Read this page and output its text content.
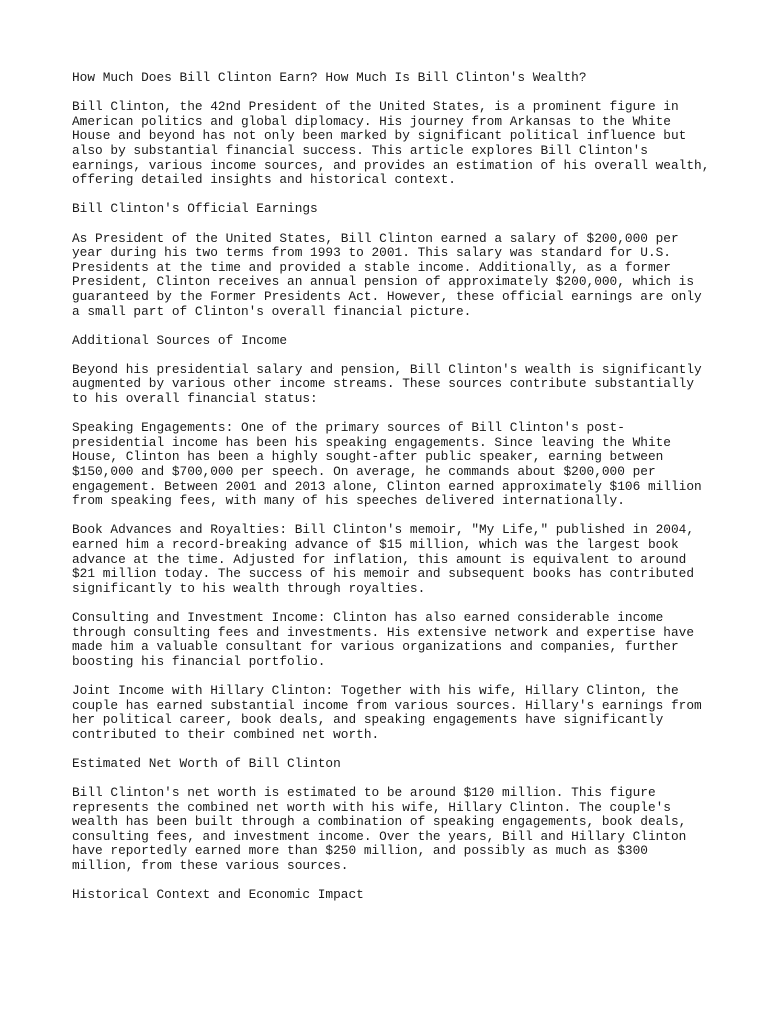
How Much Does Bill Clinton Earn? How Much Is Bill Clinton's Wealth?

Bill Clinton, the 42nd President of the United States, is a prominent figure in
American politics and global diplomacy. His journey from Arkansas to the White
House and beyond has not only been marked by significant political influence but
also by substantial financial success. This article explores Bill Clinton's
earnings, various income sources, and provides an estimation of his overall wealth,
offering detailed insights and historical context.

Bill Clinton's Official Earnings

As President of the United States, Bill Clinton earned a salary of $200,000 per
year during his two terms from 1993 to 2001. This salary was standard for U.S.
Presidents at the time and provided a stable income. Additionally, as a former
President, Clinton receives an annual pension of approximately $200,000, which is
guaranteed by the Former Presidents Act. However, these official earnings are only
a small part of Clinton's overall financial picture.

Additional Sources of Income

Beyond his presidential salary and pension, Bill Clinton's wealth is significantly
augmented by various other income streams. These sources contribute substantially
to his overall financial status:

Speaking Engagements: One of the primary sources of Bill Clinton's post-
presidential income has been his speaking engagements. Since leaving the White
House, Clinton has been a highly sought-after public speaker, earning between
$150,000 and $700,000 per speech. On average, he commands about $200,000 per
engagement. Between 2001 and 2013 alone, Clinton earned approximately $106 million
from speaking fees, with many of his speeches delivered internationally.

Book Advances and Royalties: Bill Clinton's memoir, "My Life," published in 2004,
earned him a record-breaking advance of $15 million, which was the largest book
advance at the time. Adjusted for inflation, this amount is equivalent to around
$21 million today. The success of his memoir and subsequent books has contributed
significantly to his wealth through royalties.

Consulting and Investment Income: Clinton has also earned considerable income
through consulting fees and investments. His extensive network and expertise have
made him a valuable consultant for various organizations and companies, further
boosting his financial portfolio.

Joint Income with Hillary Clinton: Together with his wife, Hillary Clinton, the
couple has earned substantial income from various sources. Hillary's earnings from
her political career, book deals, and speaking engagements have significantly
contributed to their combined net worth.

Estimated Net Worth of Bill Clinton

Bill Clinton's net worth is estimated to be around $120 million. This figure
represents the combined net worth with his wife, Hillary Clinton. The couple's
wealth has been built through a combination of speaking engagements, book deals,
consulting fees, and investment income. Over the years, Bill and Hillary Clinton
have reportedly earned more than $250 million, and possibly as much as $300
million, from these various sources.

Historical Context and Economic Impact
